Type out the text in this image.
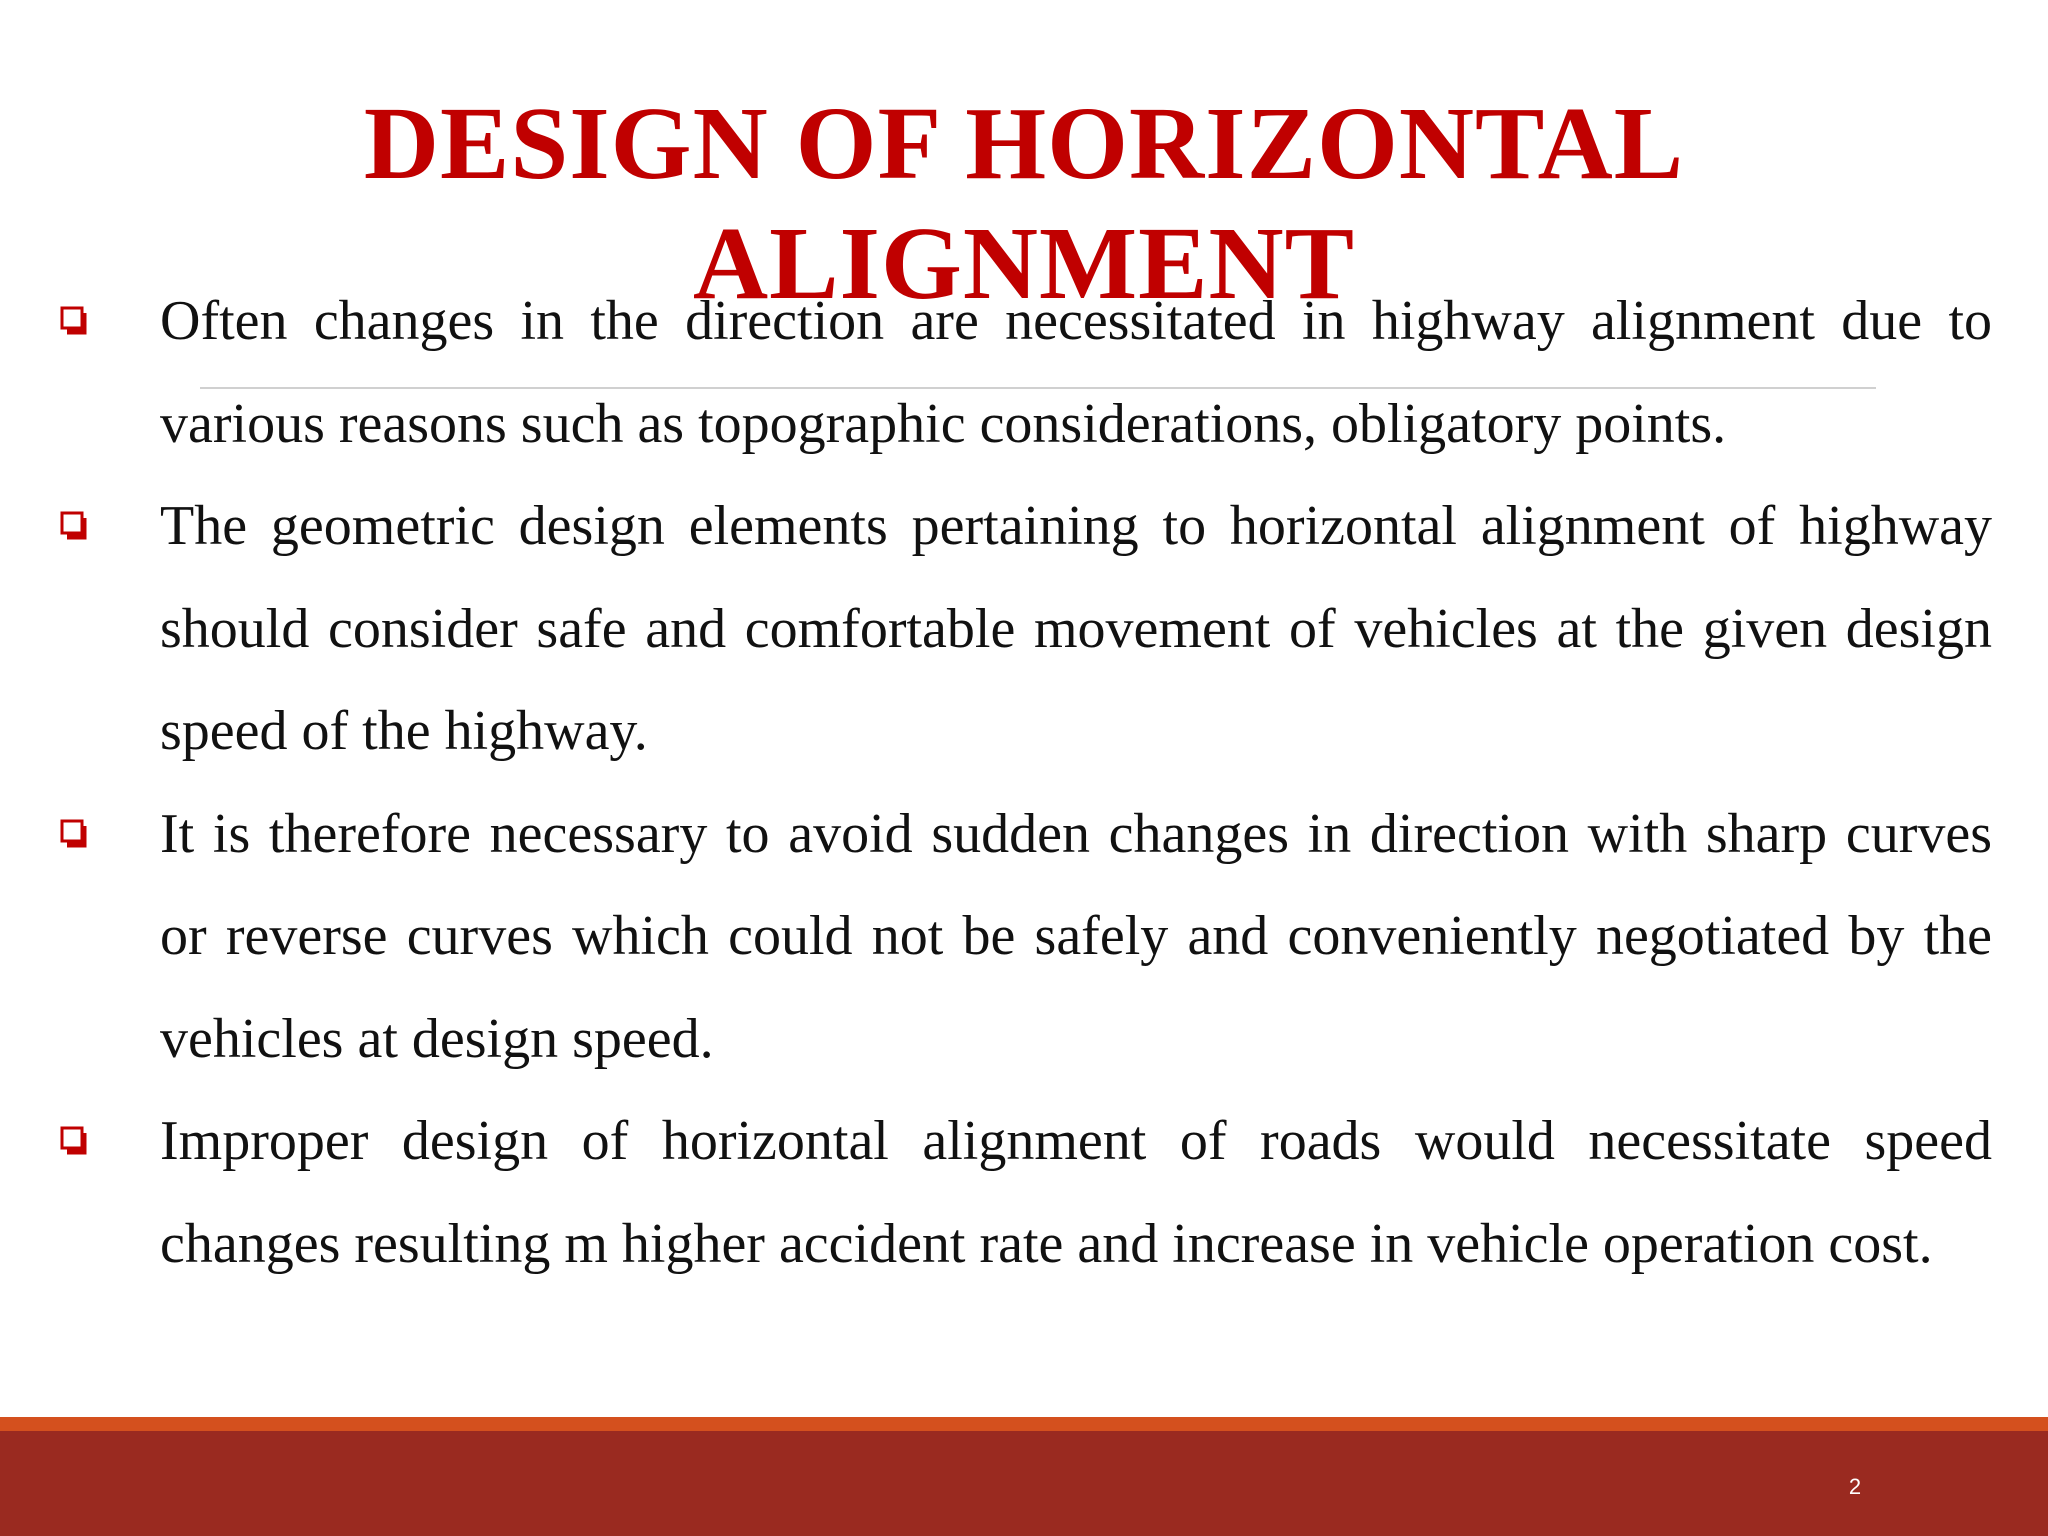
DESIGN OF HORIZONTAL
ALIGNMENT
Often changes in the direction are necessitated in highway alignment due to various reasons such as topographic considerations, obligatory points.
The geometric design elements pertaining to horizontal alignment of highway should consider safe and comfortable movement of vehicles at the given design speed of the highway.
It is therefore necessary to avoid sudden changes in direction with sharp curves or reverse curves which could not be safely and conveniently negotiated by the vehicles at design speed.
Improper design of horizontal alignment of roads would necessitate speed changes resulting m higher accident rate and increase in vehicle operation cost.
2
